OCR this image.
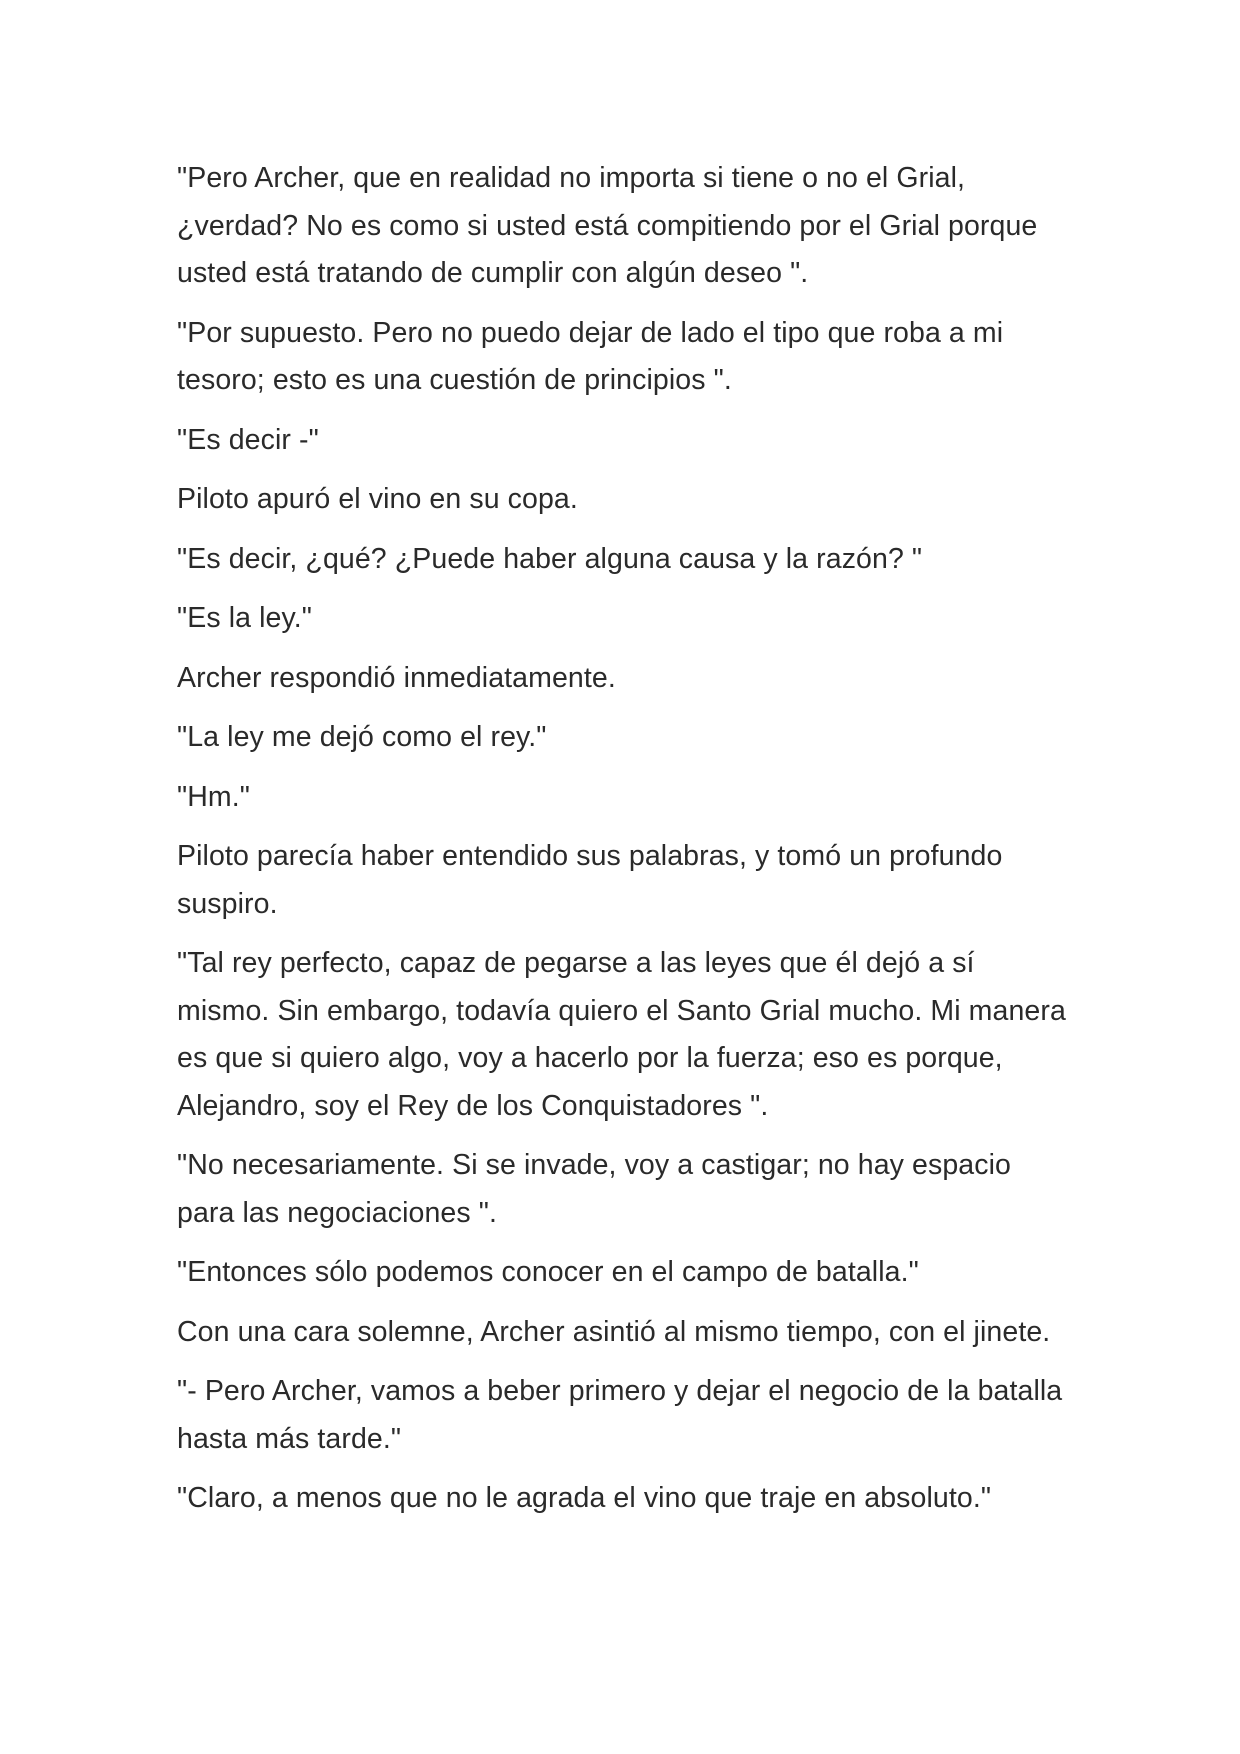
"Pero Archer, que en realidad no importa si tiene o no el Grial, ¿verdad? No es como si usted está compitiendo por el Grial porque usted está tratando de cumplir con algún deseo ".

"Por supuesto. Pero no puedo dejar de lado el tipo que roba a mi tesoro; esto es una cuestión de principios ".

"Es decir -"

Piloto apuró el vino en su copa.

"Es decir, ¿qué? ¿Puede haber alguna causa y la razón? "

"Es la ley."

Archer respondió inmediatamente.

"La ley me dejó como el rey."

"Hm."

Piloto parecía haber entendido sus palabras, y tomó un profundo suspiro.

"Tal rey perfecto, capaz de pegarse a las leyes que él dejó a sí mismo. Sin embargo, todavía quiero el Santo Grial mucho. Mi manera es que si quiero algo, voy a hacerlo por la fuerza; eso es porque, Alejandro, soy el Rey de los Conquistadores ".

"No necesariamente. Si se invade, voy a castigar; no hay espacio para las negociaciones ".

"Entonces sólo podemos conocer en el campo de batalla."

Con una cara solemne, Archer asintió al mismo tiempo, con el jinete.

"- Pero Archer, vamos a beber primero y dejar el negocio de la batalla hasta más tarde."

"Claro, a menos que no le agrada el vino que traje en absoluto."
